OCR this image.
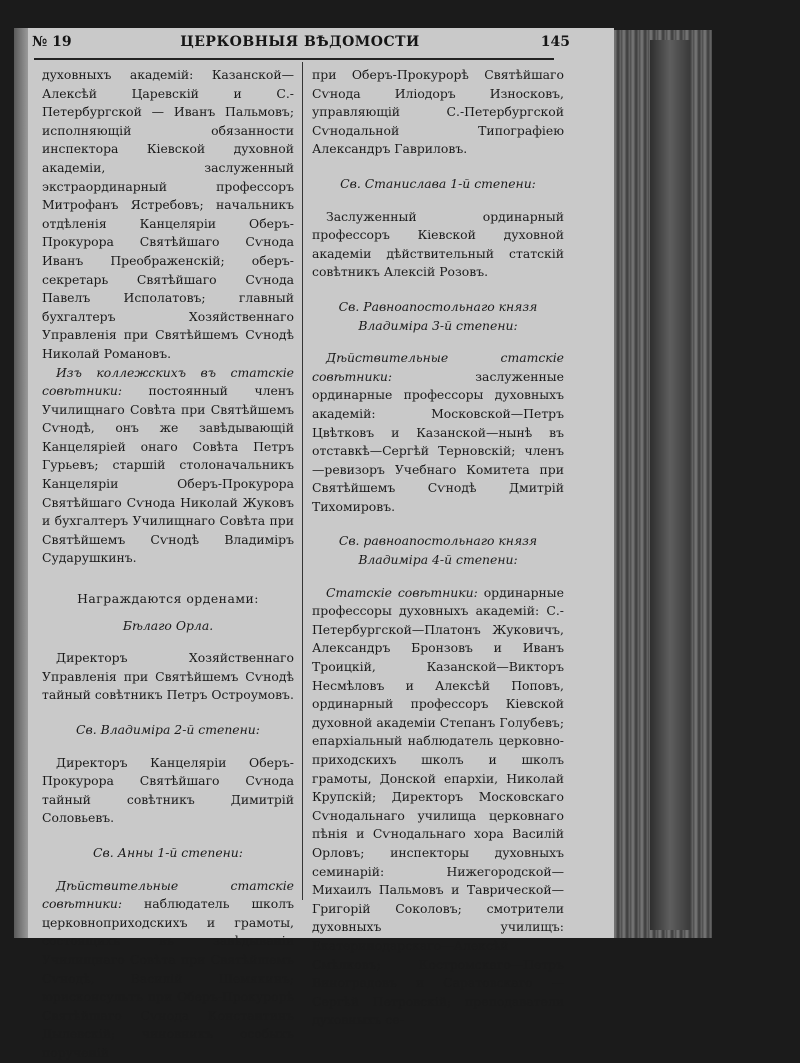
№ 19	ЦЕРКОВНЫЯ ВѢДОМОСТИ	145

духовныхъ академій: Казанской—Алексѣй Царевскій и С.-Петербургской — Иванъ Пальмовъ; исполняющій обязанности инспектора Кіевской духовной академіи, заслуженный экстраординарный профессоръ Митрофанъ Ястребовъ; начальникъ отдѣленія Канцеляріи Оберъ-Прокурора Святѣйшаго Сѵнода Иванъ Преображенскій; оберъ-секретарь Святѣйшаго Сѵнода Павелъ Исполатовъ; главный бухгалтеръ Хозяйственнаго Управленія при Святѣйшемъ Сѵнодѣ Николай Романовъ.

Изъ коллежскихъ въ статскіе совѣтники: постоянный членъ Училищнаго Совѣта при Святѣйшемъ Сѵнодѣ, онъ же завѣдывающій Канцеляріей онаго Совѣта Петръ Гурьевъ; старшій столоначальникъ Канцеляріи Оберъ-Прокурора Святѣйшаго Сѵнода Николай Жуковъ и бухгалтеръ Училищнаго Совѣта при Святѣйшемъ Сѵнодѣ Владиміръ Сударушкинъ.

Награждаются орденами:
Бѣлаго Орла.

Директоръ Хозяйственнаго Управленія при Святѣйшемъ Сѵнодѣ тайный совѣтникъ Петръ Остроумовъ.

Св. Владиміра 2-й степени:

Директоръ Канцеляріи Оберъ-Прокурора Святѣйшаго Сѵнода тайный совѣтникъ Димитрій Соловьевъ.

Св. Анны 1-й степени:

Дѣйствительные статскіе совѣтники: наблюдатель школъ церковноприходскихъ и грамоты, состоящихъ въ завѣдываніи Училищнаго Совѣта при Святѣйшемъ Сѵнодѣ, Василій Шемякинъ; юрисконсультъ при Оберъ-Прокурорѣ Святѣйшаго Сѵнода Константинъ Дылевскій; чиновникъ особыхъ порученій

при Оберъ-Прокурорѣ Святѣйшаго Сѵнода Иліодоръ Износковъ, управляющій С.-Петербургской Сѵнодальной Типографіею Александръ Гавриловъ.

Св. Станислава 1-й степени:

Заслуженный ординарный профессоръ Кіевской духовной академіи дѣйствительный статскій совѣтникъ Алексій Розовъ.

Св. Равноапостольнаго князя Владиміра 3-й степени:

Дѣйствительные статскіе совѣтники: заслуженные ординарные профессоры духовныхъ академій: Московской—Петръ Цвѣтковъ и Казанской—нынѣ въ отставкѣ—Сергѣй Терновскій; членъ—ревизоръ Учебнаго Комитета при Святѣйшемъ Сѵнодѣ Дмитрій Тихомировъ.

Св. равноапостольнаго князя Владиміра 4-й степени:

Статскіе совѣтники: ординарные профессоры духовныхъ академій: С.-Петербургской—Платонъ Жуковичъ, Александръ Бронзовъ и Иванъ Троицкій, Казанской—Викторъ Несмѣловъ и Алексѣй Поповъ, ординарный профессоръ Кіевской духовной академіи Степанъ Голубевъ; епархіальный наблюдатель церковно-приходскихъ школъ и школъ грамоты, Донской епархіи, Николай Крупскій; Директоръ Московскаго Сѵнодальнаго училища церковнаго пѣнія и Сѵнодальнаго хора Василій Орловъ; инспекторы духовныхъ семинарій: Нижегородской—Михаилъ Пальмовъ и Таврической—Григорій Соколовъ; смотрители духовныхъ училищъ: Екатеринодарскаго—Алексѣй Смѣлковъ; Костромскаго—Петръ Виноградовъ и Саратовскаго — Сергѣй Петровскій; преподаватели духовныхъ се-
